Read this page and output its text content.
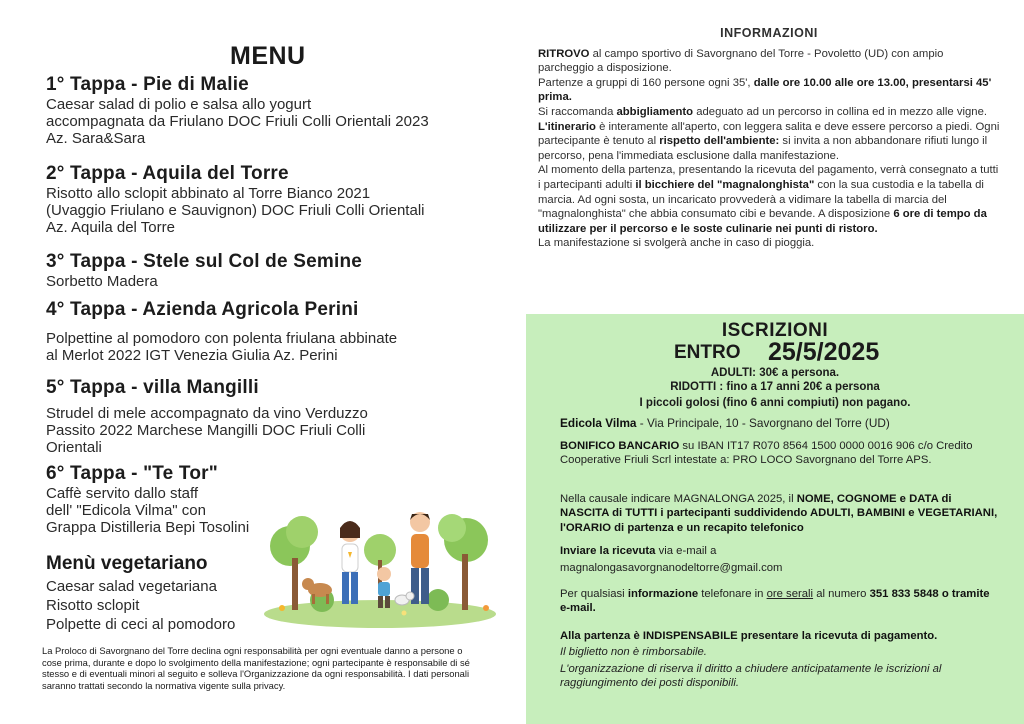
MENU
1° Tappa - Pie di Malie

Caesar salad di polio e salsa allo yogurt

accompagnata da Friulano DOC Friuli Colli Orientali 2023

Az. Sara&Sara

2° Tappa - Aquila del Torre

Risotto allo sclopit abbinato al Torre Bianco 2021

(Uvaggio Friulano e Sauvignon) DOC Friuli Colli Orientali

Az. Aquila del Torre

3° Tappa - Stele sul Col de Semine

Sorbetto Madera

4° Tappa - Azienda Agricola Perini

Polpettine al pomodoro con polenta friulana abbinate

al Merlot 2022 IGT Venezia Giulia Az. Perini

5° Tappa - villa Mangilli

Strudel di mele accompagnato da vino Verduzzo

Passito 2022 Marchese Mangilli DOC Friuli Colli

Orientali

6° Tappa - "Te Tor"

Caffè servito dallo staff

dell' "Edicola Vilma" con

Grappa Distilleria Bepi Tosolini

Menù vegetariano
Caesar salad vegetariana
Risotto sclopit
Polpette di ceci al pomodoro
La Proloco di Savorgnano del Torre declina ogni responsabilità per ogni eventuale danno a persone o cose prima, durante e dopo lo svolgimento della manifestazione; ogni partecipante è responsabile di sé stesso e di eventuali minori al seguito e solleva l'Organizzazione da ogni responsabilità. I dati personali saranno trattati secondo la normativa vigente sulla privacy.
INFORMAZIONI

RITROVO al campo sportivo di Savorgnano del Torre - Povoletto (UD) con ampio parcheggio a disposizione.

Partenze a gruppi di 160 persone ogni 35', dalle ore 10.00 alle ore 13.00, presentarsi 45' prima.

Si raccomanda abbigliamento adeguato ad un percorso in collina ed in mezzo alle vigne. L'itinerario è interamente all'aperto, con leggera salita e deve essere percorso a piedi. Ogni partecipante è tenuto al rispetto dell'ambiente: si invita a non abbandonare rifiuti lungo il percorso, pena l'immediata esclusione dalla manifestazione.

Al momento della partenza, presentando la ricevuta del pagamento, verrà consegnato a tutti i partecipanti adulti il bicchiere del "magnalonghista" con la sua custodia e la tabella di marcia. Ad ogni sosta, un incaricato provvederà a vidimare la tabella di marcia del "magnalonghista" che abbia consumato cibi e bevande. A disposizione 6 ore di tempo da utilizzare per il percorso e le soste culinarie nei punti di ristoro.

La manifestazione si svolgerà anche in caso di pioggia.

ISCRIZIONI
ENTRO 25/5/2025
ADULTI: 30€ a persona.
RIDOTTI : fino a 17 anni 20€ a persona
I piccoli golosi (fino 6 anni compiuti) non pagano.
Edicola Vilma - Via Principale, 10 - Savorgnano del Torre (UD)
BONIFICO BANCARIO su IBAN IT17 R070 8564 1500 0000 0016 906 c/o Credito Cooperative Friuli Scrl intestate a: PRO LOCO Savorgnano del Torre APS.
Nella causale indicare MAGNALONGA 2025, il NOME, COGNOME e DATA di NASCITA di TUTTI i partecipanti suddividendo ADULTI, BAMBINI e VEGETARIANI, l'ORARIO di partenza e un recapito telefonico
Inviare la ricevuta via e-mail a
magnalongasavorgnanodeltorre@gmail.com
Per qualsiasi informazione telefonare in ore serali al numero 351 833 5848 o tramite e-mail.
Alla partenza è INDISPENSABILE presentare la ricevuta di pagamento.
Il biglietto non è rimborsabile.
L'organizzazione di riserva il diritto a chiudere anticipatamente le iscrizioni al raggiungimento dei posti disponibili.
